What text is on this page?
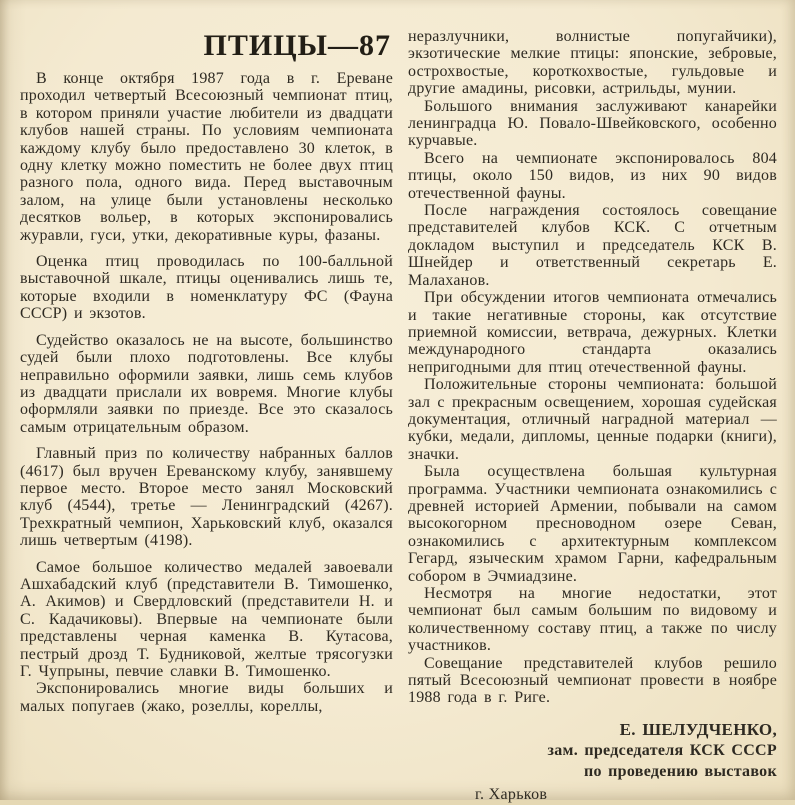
ПТИЦЫ—87

В конце октября 1987 года в г. Ереване проходил четвертый Всесоюзный чемпионат птиц, в котором приняли участие любители из двадцати клубов нашей страны. По условиям чемпионата каждому клубу было предоставлено 30 клеток, в одну клетку можно поместить не более двух птиц разного пола, одного вида. Перед выставочным залом, на улице были установлены несколько десятков вольер, в которых экспонировались журавли, гуси, утки, декоративные куры, фазаны.

Оценка птиц проводилась по 100-балльной выставочной шкале, птицы оценивались лишь те, которые входили в номенклатуру ФС (Фауна СССР) и экзотов.

Судейство оказалось не на высоте, большинство судей были плохо подготовлены. Все клубы неправильно оформили заявки, лишь семь клубов из двадцати прислали их вовремя. Многие клубы оформляли заявки по приезде. Все это сказалось самым отрицательным образом.

Главный приз по количеству набранных баллов (4617) был вручен Ереванскому клубу, занявшему первое место. Второе место занял Московский клуб (4544), третье — Ленинградский (4267). Трехкратный чемпион, Харьковский клуб, оказался лишь четвертым (4198).

Самое большое количество медалей завоевали Ашхабадский клуб (представители В. Тимошенко, А. Акимов) и Свердловский (представители Н. и С. Кадачиковы). Впервые на чемпионате были представлены черная каменка В. Кутасова, пестрый дрозд Т. Будниковой, желтые трясогузки Г. Чупрыны, певчие славки В. Тимошенко.

Экспонировались многие виды больших и малых попугаев (жако, розеллы, кореллы,

неразлучники, волнистые попугайчики), экзотические мелкие птицы: японские, зебровые, острохвостые, короткохвостые, гульдовые и другие амадины, рисовки, астрильды, мунии.

Большого внимания заслуживают канарейки ленинградца Ю. Повало-Швейковского, особенно курчавые.

Всего на чемпионате экспонировалось 804 птицы, около 150 видов, из них 90 видов отечественной фауны.

После награждения состоялось совещание представителей клубов КСК. С отчетным докладом выступил и председатель КСК В. Шнейдер и ответственный секретарь Е. Малаханов.

При обсуждении итогов чемпионата отмечались и такие негативные стороны, как отсутствие приемной комиссии, ветврача, дежурных. Клетки международного стандарта оказались непригодными для птиц отечественной фауны.

Положительные стороны чемпионата: большой зал с прекрасным освещением, хорошая судейская документация, отличный наградной материал — кубки, медали, дипломы, ценные подарки (книги), значки.

Была осуществлена большая культурная программа. Участники чемпионата ознакомились с древней историей Армении, побывали на самом высокогорном пресноводном озере Севан, ознакомились с архитектурным комплексом Гегард, языческим храмом Гарни, кафедральным собором в Эчмиадзине.

Несмотря на многие недостатки, этот чемпионат был самым большим по видовому и количественному составу птиц, а также по числу участников.

Совещание представителей клубов решило пятый Всесоюзный чемпионат провести в ноябре 1988 года в г. Риге.

Е. ШЕЛУДЧЕНКО,

зам. председателя КСК СССР

по проведению выставок

г. Харьков
